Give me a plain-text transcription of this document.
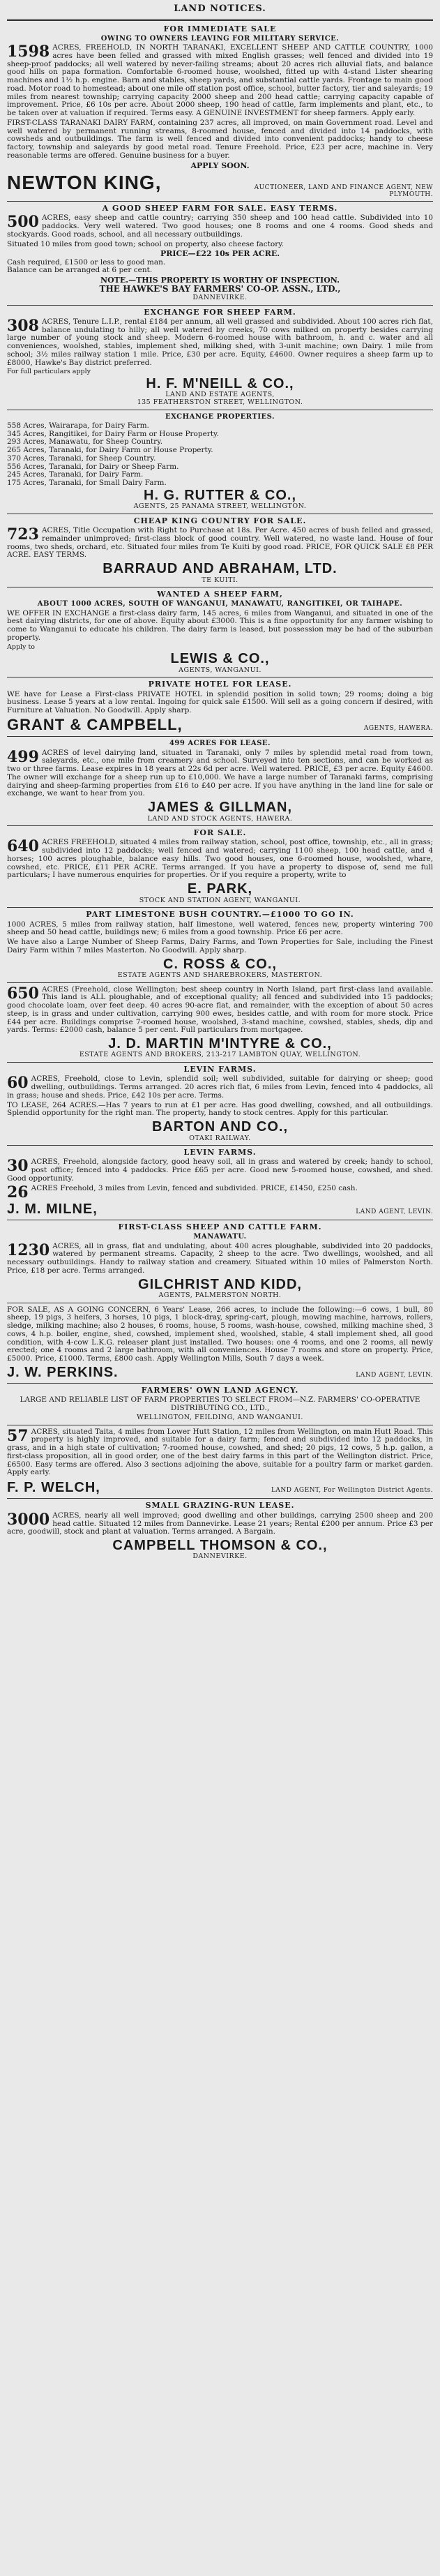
LAND NOTICES.
FOR IMMEDIATE SALE
OWING TO OWNERS LEAVING FOR MILITARY SERVICE.

1598 ACRES, FREEHOLD, IN NORTH TARANAKI, EXCELLENT SHEEP AND CATTLE COUNTRY, 1000 acres have been felled and grassed with mixed English grasses; well fenced and divided into 19 sheep-proof paddocks; all well watered by never-failing streams; about 20 acres rich alluvial flats, and balance good hills on papa formation. Comfortable 6-roomed house, woolshed, fitted up with 4-stand Lister shearing machines and 1½ h.p. engine. Barn and stables, sheep yards, and substantial cattle yards. Frontage to main good road. Motor road to homestead; about one mile off station post office, school, butter factory, tier and saleyards; 19 miles from nearest township; carrying capacity 2000 sheep and 200 head cattle; carrying capacity capable of improvement. Price, £6 10s per acre. About 2000 sheep, 190 head of cattle, farm implements and plant, etc., to be taken over at valuation if required. Terms easy. A GENUINE INVESTMENT for sheep farmers. Apply early.

FIRST-CLASS TARANAKI DAIRY FARM, containing 237 acres, all improved, on main Government road. Level and well watered by permanent running streams, 8-roomed house, fenced and divided into 14 paddocks, with cowsheds and outbuildings. The farm is well fenced and divided into convenient paddocks; handy to cheese factory, township and saleyards by good metal road. Tenure Freehold. Price, £23 per acre, machine in. Very reasonable terms are offered. Genuine business for a buyer.

APPLY SOON.
NEWTON KING,	AUCTIONEER, LAND AND FINANCE AGENT, NEW PLYMOUTH.
A GOOD SHEEP FARM FOR SALE. EASY TERMS.

500 ACRES, easy sheep and cattle country; carrying 350 sheep and 100 head cattle. Subdivided into 10 paddocks. Very well watered. Two good houses; one 8 rooms and one 4 rooms. Good sheds and stockyards. Good roads, school, and all necessary outbuildings.

Situated 10 miles from good town; school on property, also cheese factory.

PRICE—£22 10s PER ACRE.

Cash required, £1500 or less to good man.
Balance can be arranged at 6 per cent.

NOTE.—THIS PROPERTY IS WORTHY OF INSPECTION.
THE HAWKE'S BAY FARMERS' CO-OP. ASSN., LTD.,
DANNEVIRKE.
EXCHANGE FOR SHEEP FARM.

308 ACRES, Tenure L.I.P., rental £184 per annum, all well grassed and subdivided. About 100 acres rich flat, balance undulating to hilly; all well watered by creeks, 70 cows milked on property besides carrying large number of young stock and sheep. Modern 6-roomed house with bathroom, h. and c. water and all conveniences, woolshed, stables, implement shed, milking shed, with 3-unit machine; own Dairy. 1 mile from school; 3½ miles railway station 1 mile. Price, £30 per acre. Equity, £4600. Owner requires a sheep farm up to £8000, Hawke's Bay district preferred.

For full particulars apply
H. F. M'NEILL & CO.,
LAND AND ESTATE AGENTS,
135 FEATHERSTON STREET, WELLINGTON.
EXCHANGE PROPERTIES.
558 Acres, Wairarapa, for Dairy Farm.
345 Acres, Rangitikei, for Dairy Farm or House Property.
293 Acres, Manawatu, for Sheep Country.
265 Acres, Taranaki, for Dairy Farm or House Property.
370 Acres, Taranaki, for Sheep Country.
556 Acres, Taranaki, for Dairy or Sheep Farm.
245 Acres, Taranaki, for Dairy Farm.
175 Acres, Taranaki, for Small Dairy Farm.
H. G. RUTTER & CO.,
AGENTS, 25 PANAMA STREET, WELLINGTON.
CHEAP KING COUNTRY FOR SALE.

723 ACRES, Title Occupation with Right to Purchase at 18s. Per Acre. 450 acres of bush felled and grassed, remainder unimproved; first-class block of good country. Well watered, no waste land. House of four rooms, two sheds, orchard, etc. Situated four miles from Te Kuiti by good road. PRICE, FOR QUICK SALE £8 PER ACRE. EASY TERMS.

BARRAUD AND ABRAHAM, LTD.
TE KUITI.
WANTED A SHEEP FARM,
ABOUT 1000 ACRES, SOUTH OF WANGANUI, MANAWATU, RANGITIKEI, OR TAIHAPE.

WE OFFER IN EXCHANGE a first-class dairy farm, 145 acres, 6 miles from Wanganui, and situated in one of the best dairying districts, for one of above. Equity about £3000. This is a fine opportunity for any farmer wishing to come to Wanganui to educate his children. The dairy farm is leased, but possession may be had of the suburban property.

Apply to
LEWIS & CO.,
AGENTS, WANGANUI.
PRIVATE HOTEL FOR LEASE.

WE have for Lease a First-class PRIVATE HOTEL in splendid position in solid town; 29 rooms; doing a big business. Lease 5 years at a low rental. Ingoing for quick sale £1500. Will sell as a going concern if desired, with Furniture at Valuation. No Goodwill. Apply sharp.

GRANT & CAMPBELL,	AGENTS, HAWERA.
499 ACRES FOR LEASE.

499 ACRES of level dairying land, situated in Taranaki, only 7 miles by splendid metal road from town, saleyards, etc., one mile from creamery and school. Surveyed into ten sections, and can be worked as two or three farms. Lease expires in 18 years at 22s 6d per acre. Well watered. PRICE, £3 per acre. Equity £4600. The owner will exchange for a sheep run up to £10,000. We have a large number of Taranaki farms, comprising dairying and sheep-farming properties from £16 to £40 per acre. If you have anything in the land line for sale or exchange, we want to hear from you.

JAMES & GILLMAN,
LAND AND STOCK AGENTS, HAWERA.
FOR SALE.

640 ACRES FREEHOLD, situated 4 miles from railway station, school, post office, township, etc., all in grass; subdivided into 12 paddocks; well fenced and watered; carrying 1100 sheep, 100 head cattle, and 4 horses; 100 acres ploughable, balance easy hills. Two good houses, one 6-roomed house, woolshed, whare, cowshed, etc. PRICE, £11 PER ACRE. Terms arranged. If you have a property to dispose of, send me full particulars; I have numerous enquiries for properties. Or if you require a property, write to

E. PARK,
STOCK AND STATION AGENT, WANGANUI.
PART LIMESTONE BUSH COUNTRY.—£1000 TO GO IN.

1000 ACRES, 5 miles from railway station, half limestone, well watered, fences new, property wintering 700 sheep and 50 head cattle, buildings new; 6 miles from a good township. Price £6 per acre.

We have also a Large Number of Sheep Farms, Dairy Farms, and Town Properties for Sale, including the Finest Dairy Farm within 7 miles Masterton. No Goodwill. Apply sharp.

C. ROSS & CO.,
ESTATE AGENTS AND SHAREBROKERS, MASTERTON.

650 ACRES (Freehold, close Wellington; best sheep country in North Island, part first-class land available. This land is ALL ploughable, and of exceptional quality; all fenced and subdivided into 15 paddocks; good chocolate loam, over feet deep. 40 acres 90-acre flat, and remainder, with the exception of about 50 acres steep, is in grass and under cultivation, carrying 900 ewes, besides cattle, and with room for more stock. Price £44 per acre. Buildings comprise 7-roomed house, woolshed, 3-stand machine, cowshed, stables, sheds, dip and yards. Terms: £2000 cash, balance 5 per cent. Full particulars from mortgagee.

J. D. MARTIN M'INTYRE & CO.,
ESTATE AGENTS AND BROKERS, 213-217 LAMBTON QUAY, WELLINGTON.
LEVIN FARMS.

60 ACRES, Freehold, close to Levin, splendid soil; well subdivided, suitable for dairying or sheep; good dwelling, outbuildings. Terms arranged. 20 acres rich flat, 6 miles from Levin, fenced into 4 paddocks, all in grass; house and sheds. Price, £42 10s per acre. Terms.

TO LEASE, 264 ACRES.—Has 7 years to run at £1 per acre. Has good dwelling, cowshed, and all outbuildings. Splendid opportunity for the right man. The property, handy to stock centres. Apply for this particular.

BARTON AND CO.,
OTAKI RAILWAY.
LEVIN FARMS.

30 ACRES, Freehold, alongside factory, good heavy soil, all in grass and watered by creek; handy to school, post office; fenced into 4 paddocks. Price £65 per acre. Good new 5-roomed house, cowshed, and shed. Good opportunity.

26 ACRES Freehold, 3 miles from Levin, fenced and subdivided. PRICE, £1450, £250 cash.

J. M. MILNE,	LAND AGENT, LEVIN.
FIRST-CLASS SHEEP AND CATTLE FARM.
MANAWATU.

1230 ACRES, all in grass, flat and undulating, about 400 acres ploughable, subdivided into 20 paddocks, watered by permanent streams. Capacity, 2 sheep to the acre. Two dwellings, woolshed, and all necessary outbuildings. Handy to railway station and creamery. Situated within 10 miles of Palmerston North. Price, £18 per acre. Terms arranged.

GILCHRIST AND KIDD,
AGENTS, PALMERSTON NORTH.

FOR SALE, AS A GOING CONCERN, 6 Years' Lease, 266 acres, to include the following:—6 cows, 1 bull, 80 sheep, 19 pigs, 3 heifers, 3 horses, 10 pigs, 1 block-dray, spring-cart, plough, mowing machine, harrows, rollers, sledge, milking machine; also 2 houses, 6 rooms, house, 5 rooms, wash-house, cowshed, milking machine shed, 3 cows, 4 h.p. boiler, engine, shed, cowshed, implement shed, woolshed, stable, 4 stall implement shed, all good condition, with 4-cow L.K.G. releaser plant just installed. Two houses: one 4 rooms, and one 2 rooms, all newly erected; one 4 rooms and 2 large bathroom, with all conveniences. House 7 rooms and store on property. Price, £5000. Price, £1000. Terms, £800 cash. Apply Wellington Mills, South 7 days a week.

J. W. PERKINS.	LAND AGENT, LEVIN.
FARMERS' OWN LAND AGENCY.

LARGE AND RELIABLE LIST OF FARM PROPERTIES TO SELECT FROM—N.Z. FARMERS' CO-OPERATIVE DISTRIBUTING CO., LTD.,

WELLINGTON, FEILDING, AND WANGANUI.

57 ACRES, situated Taita, 4 miles from Lower Hutt Station, 12 miles from Wellington, on main Hutt Road. This property is highly improved, and suitable for a dairy farm; fenced and subdivided into 12 paddocks, in grass, and in a high state of cultivation; 7-roomed house, cowshed, and shed; 20 pigs, 12 cows, 5 h.p. gallon, a first-class proposition, all in good order, one of the best dairy farms in this part of the Wellington district. Price, £6500. Easy terms are offered. Also 3 sections adjoining the above, suitable for a poultry farm or market garden. Apply early.

F. P. WELCH,	LAND AGENT, For Wellington District Agents.
SMALL GRAZING-RUN LEASE.

3000 ACRES, nearly all well improved; good dwelling and other buildings, carrying 2500 sheep and 200 head cattle. Situated 12 miles from Dannevirke. Lease 21 years; Rental £200 per annum. Price £3 per acre, goodwill, stock and plant at valuation. Terms arranged. A Bargain.

CAMPBELL THOMSON & CO.,
DANNEVIRKE.
